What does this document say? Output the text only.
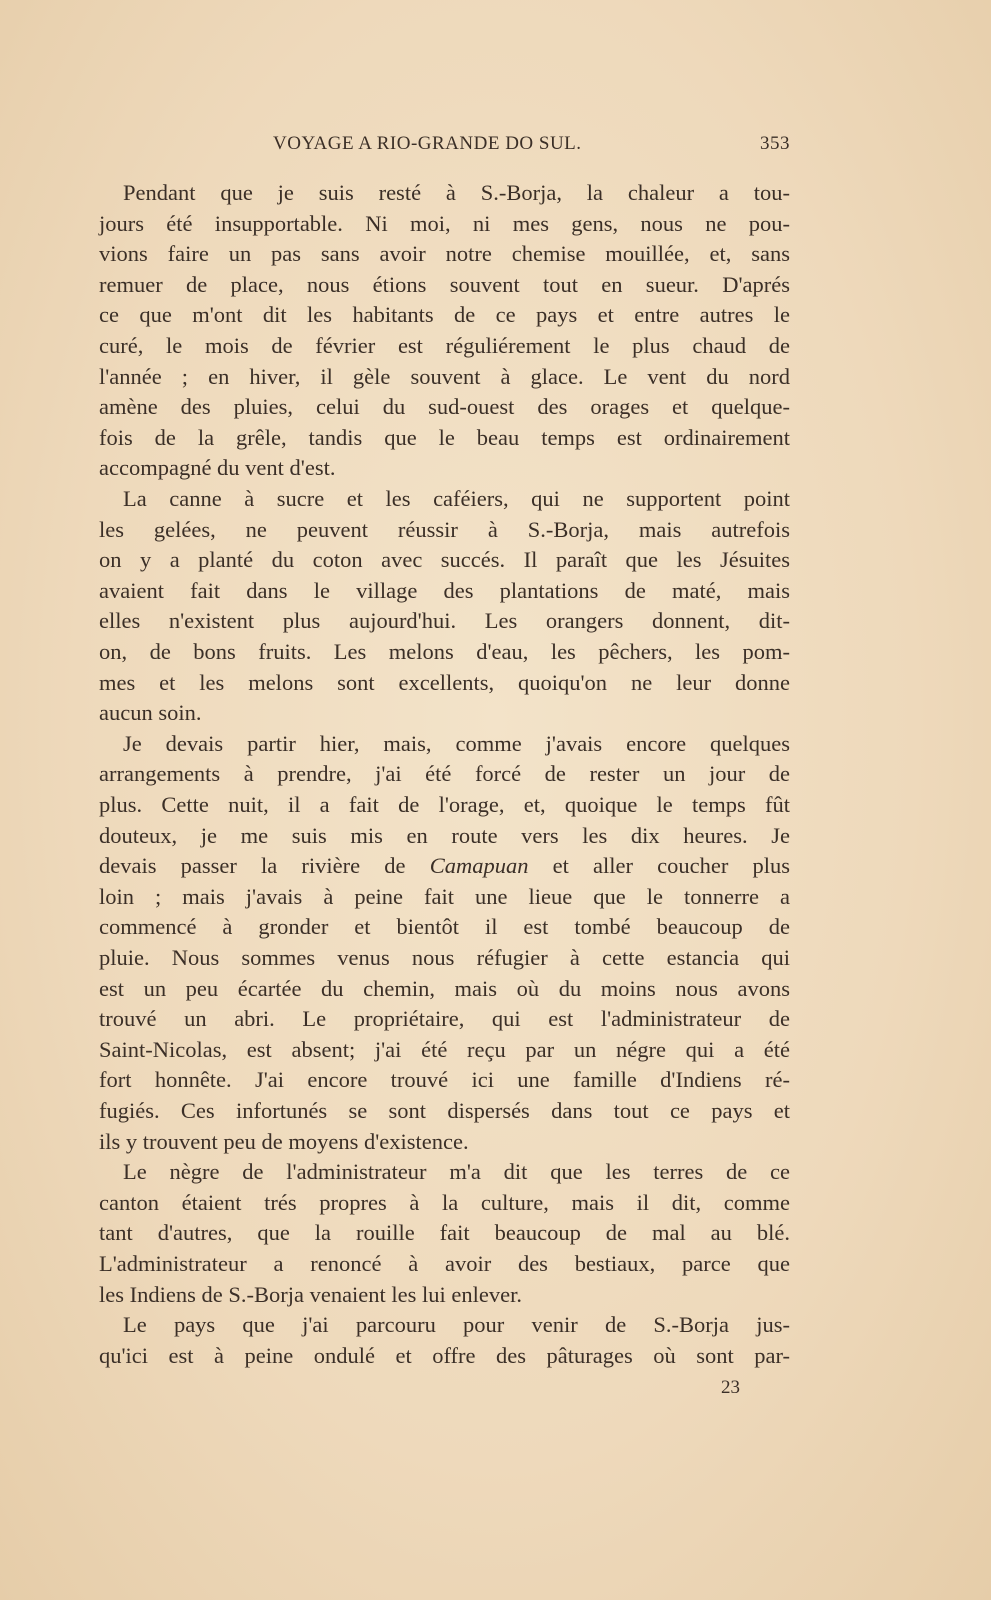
VOYAGE A RIO-GRANDE DO SUL.	353
Pendant que je suis resté à S.-Borja, la chaleur a tou-
jours été insupportable. Ni moi, ni mes gens, nous ne pou-
vions faire un pas sans avoir notre chemise mouillée, et, sans
remuer de place, nous étions souvent tout en sueur. D'aprés
ce que m'ont dit les habitants de ce pays et entre autres le
curé, le mois de février est réguliérement le plus chaud de
l'année ; en hiver, il gèle souvent à glace. Le vent du nord
amène des pluies, celui du sud-ouest des orages et quelque-
fois de la grêle, tandis que le beau temps est ordinairement
accompagné du vent d'est.
La canne à sucre et les caféiers, qui ne supportent point
les gelées, ne peuvent réussir à S.-Borja, mais autrefois
on y a planté du coton avec succés. Il paraît que les Jésuites
avaient fait dans le village des plantations de maté, mais
elles n'existent plus aujourd'hui. Les orangers donnent, dit-
on, de bons fruits. Les melons d'eau, les pêchers, les pom-
mes et les melons sont excellents, quoiqu'on ne leur donne
aucun soin.
Je devais partir hier, mais, comme j'avais encore quelques
arrangements à prendre, j'ai été forcé de rester un jour de
plus. Cette nuit, il a fait de l'orage, et, quoique le temps fût
douteux, je me suis mis en route vers les dix heures. Je
devais passer la rivière de Camapuan et aller coucher plus
loin ; mais j'avais à peine fait une lieue que le tonnerre a
commencé à gronder et bientôt il est tombé beaucoup de
pluie. Nous sommes venus nous réfugier à cette estancia qui
est un peu écartée du chemin, mais où du moins nous avons
trouvé un abri. Le propriétaire, qui est l'administrateur de
Saint-Nicolas, est absent; j'ai été reçu par un négre qui a été
fort honnête. J'ai encore trouvé ici une famille d'Indiens ré-
fugiés. Ces infortunés se sont dispersés dans tout ce pays et
ils y trouvent peu de moyens d'existence.
Le nègre de l'administrateur m'a dit que les terres de ce
canton étaient trés propres à la culture, mais il dit, comme
tant d'autres, que la rouille fait beaucoup de mal au blé.
L'administrateur a renoncé à avoir des bestiaux, parce que
les Indiens de S.-Borja venaient les lui enlever.
Le pays que j'ai parcouru pour venir de S.-Borja jus-
qu'ici est à peine ondulé et offre des pâturages où sont par-
23
